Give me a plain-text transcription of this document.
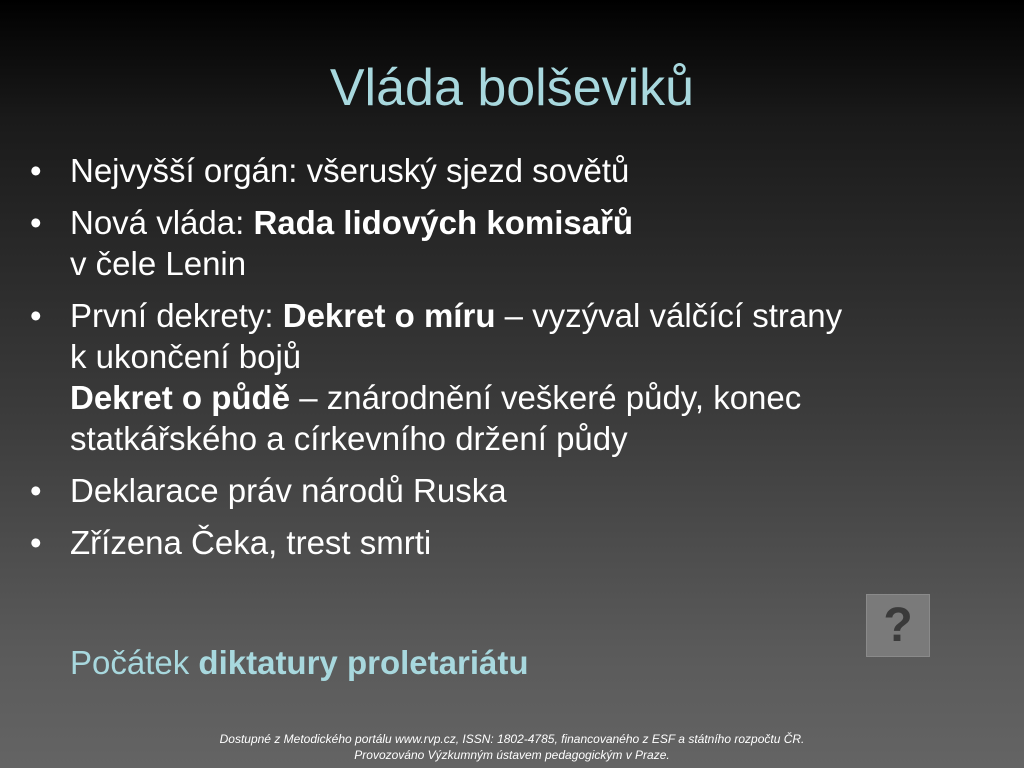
Vláda bolševiků
• Nejvyšší orgán: všeruský sjezd sovětů
• Nová vláda: Rada lidových komisařů
v čele Lenin
• První dekrety: Dekret o míru – vyzýval válčící strany
k ukončení bojů
Dekret o půdě – znárodnění veškeré půdy, konec
statkářského a církevního držení půdy
• Deklarace práv národů Ruska
• Zřízena Čeka, trest smrti
Počátek diktatury proletariátu
?
Dostupné z Metodického portálu www.rvp.cz, ISSN: 1802-4785, financovaného z ESF a státního rozpočtu ČR.
Provozováno Výzkumným ústavem pedagogickým v Praze.
